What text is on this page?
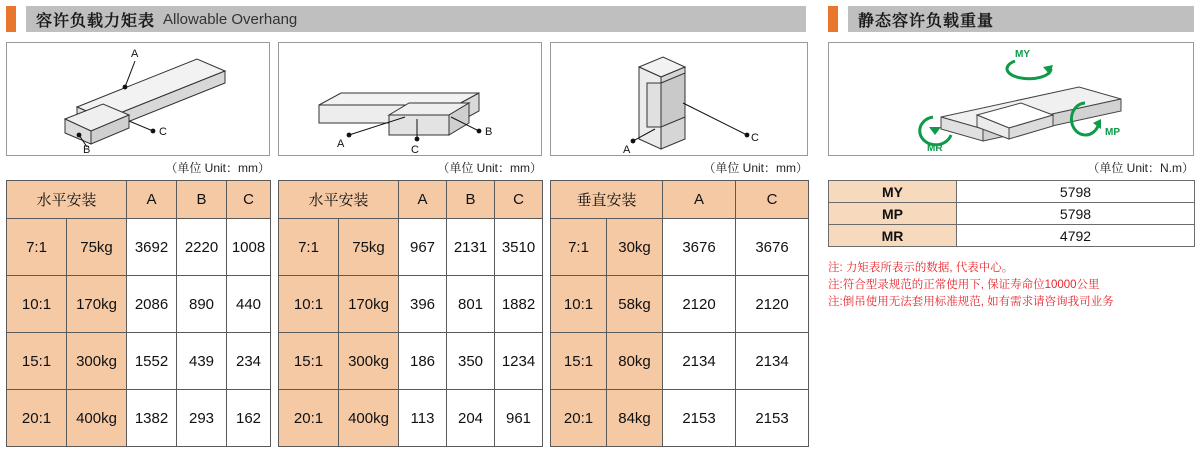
容许负载力矩表 Allowable Overhang	静态容许负载重量
A
C
B
（单位 Unit：mm）
A
B
C
（单位 Unit：mm）
C
A
（单位 Unit：mm）
MY
MP
MR
（单位 Unit：N.m）
水平安装		A	B	C
7:1	75kg	3692	2220	1008
10:1	170kg	2086	890	440
15:1	300kg	1552	439	234
20:1	400kg	1382	293	162
水平安装		A	B	C
7:1	75kg	967	2131	3510
10:1	170kg	396	801	1882
15:1	300kg	186	350	1234
20:1	400kg	113	204	961
垂直安装		A	C
7:1	30kg	3676	3676
10:1	58kg	2120	2120
15:1	80kg	2134	2134
20:1	84kg	2153	2153
MY	5798
MP	5798
MR	4792
注: 力矩表所表示的数据, 代表中心。
注:符合型录规范的正常使用下, 保证寿命位10000公里
注:倒吊使用无法套用标准规范, 如有需求请咨询我司业务
